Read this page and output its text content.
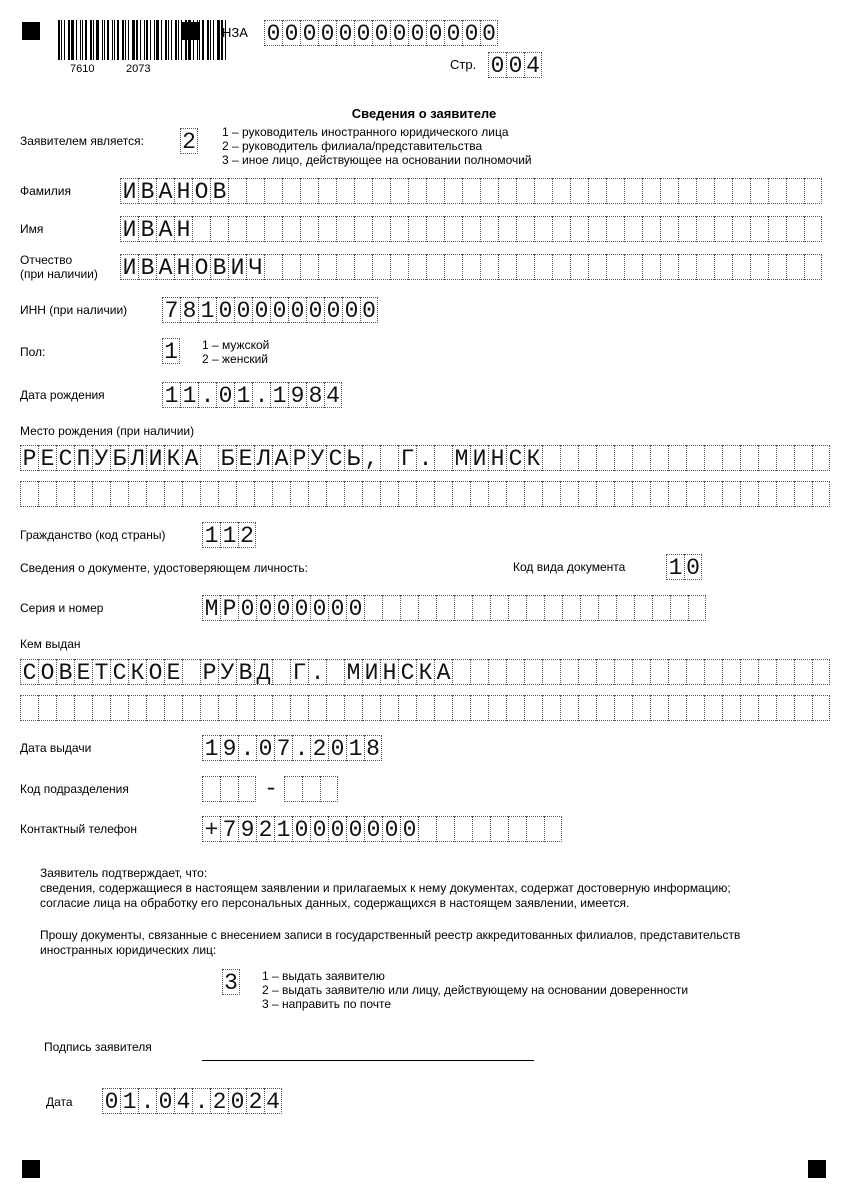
7610	2073
НЗА 0 0 0 0 0 0 0 0 0 0 0 0 0
Стр. 0 0 4
Сведения о заявителе
Заявителем является: 2 1 – руководитель иностранного юридического лица
2 – руководитель филиала/представительства
3 – иное лицо, действующее на основании полномочий
Фамилия И В А Н О В
Имя	И В А Н
Отчество
(при наличии) И В А Н О В И Ч
ИНН (при наличии) 7 8 1 0 0 0 0 0 0 0 0 0
Пол:	1 1 – мужской
2 – женский
Дата рождения	1 1 . 0 1 . 1 9 8 4
Место рождения (при наличии)
Р Е С П У Б Л И К А Б Е Л А Р У С Ь , Г . М И Н С К
Гражданство (код страны) 1 1 2
Сведения о документе, удостоверяющем личность:	Код вида документа 1 0
Серия и номер	М Р 0 0 0 0 0 0 0
Кем выдан
С О В Е Т С К О Е Р У В Д Г . М И Н С К А
Дата выдачи	1 9 . 0 7 . 2 0 1 8
Код подразделения	-
Контактный телефон	+ 7 9 2 1 0 0 0 0 0 0 0
Заявитель подтверждает, что:
сведения, содержащиеся в настоящем заявлении и прилагаемых к нему документах, содержат достоверную информацию;
согласие лица на обработку его персональных данных, содержащихся в настоящем заявлении, имеется.
Прошу документы, связанные с внесением записи в государственный реестр аккредитованных филиалов, представительств
иностранных юридических лиц:
3 1 – выдать заявителю
2 – выдать заявителю или лицу, действующему на основании доверенности
3 – направить по почте
Подпись заявителя
Дата 0 1 . 0 4 . 2 0 2 4
